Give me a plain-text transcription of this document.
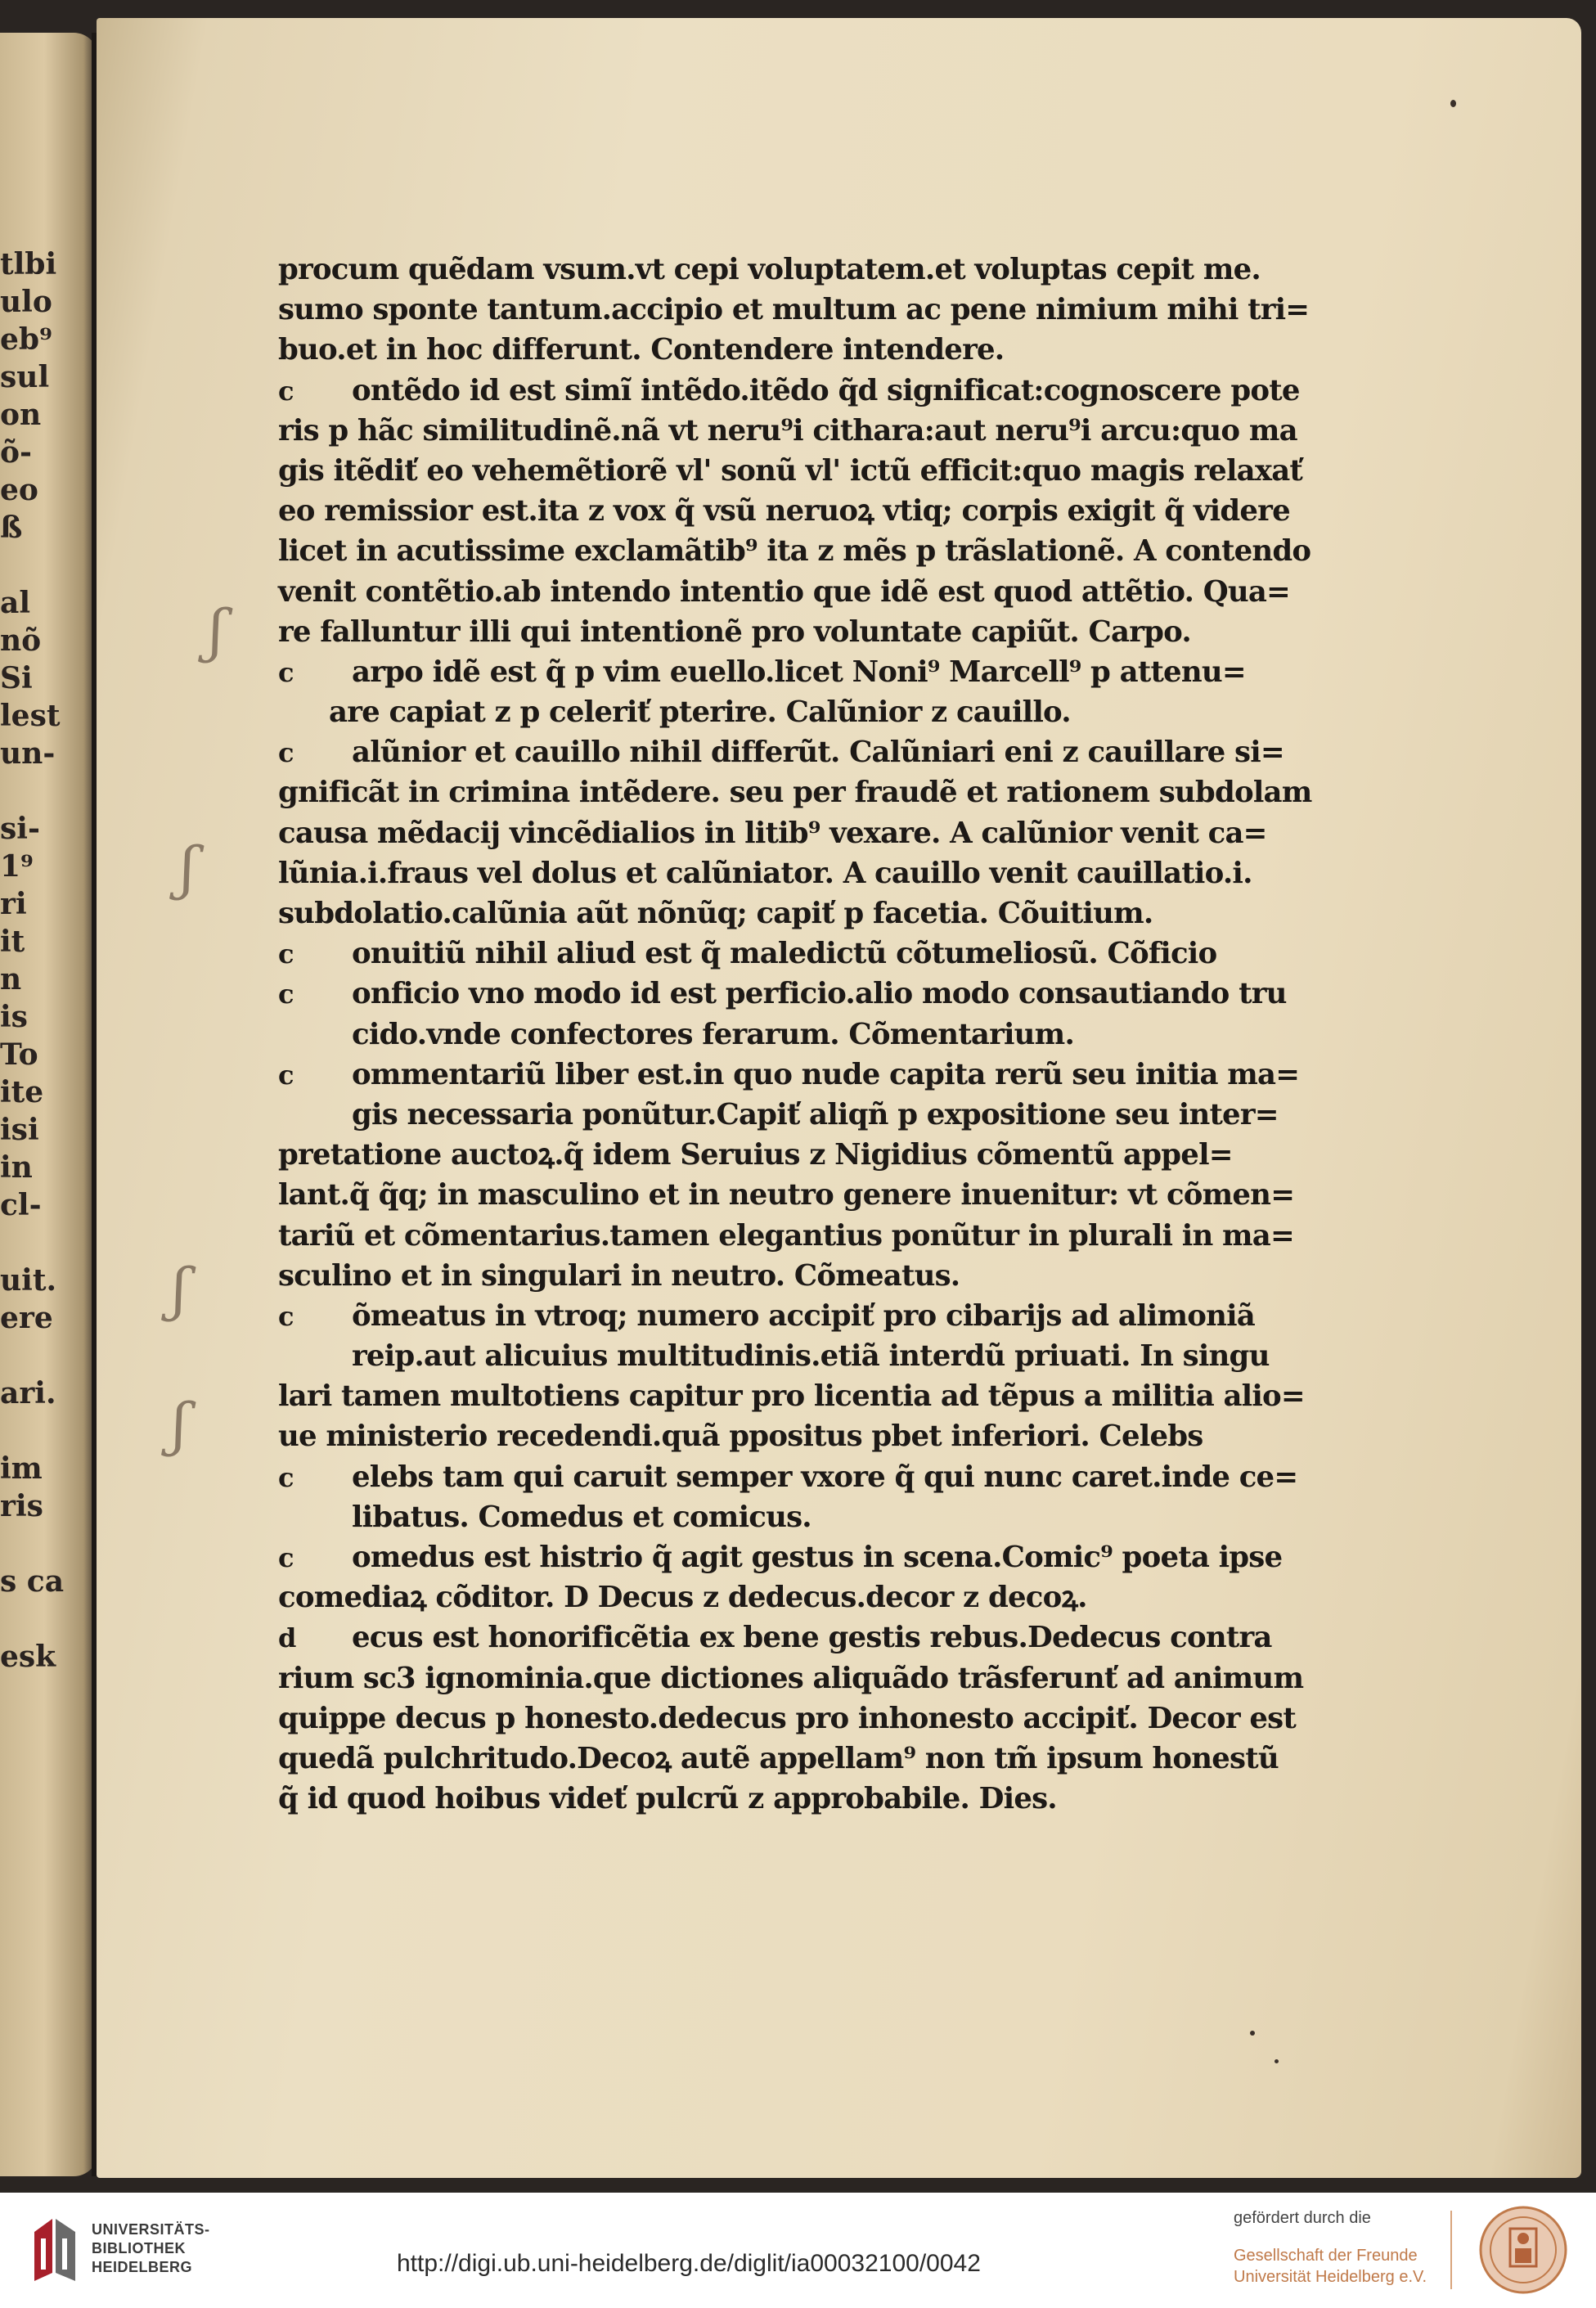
tlbi
ulo
eb⁹
sul
on
õ-
eo
ß

al
nõ
Si
lest
un-

si-
1⁹
ri
it
n
is
To
ite
isi
in
cl-

uit.
ere

ari.

im
ris

s ca

esk
ʃ
ʃ
ʃ
ʃ
procum quẽdam vsum.vt cepi voluptatem.et voluptas cepit me.
sumo sponte tantum.accipio et multum ac pene nimium mihi tri=
buo.et in hoc differunt. Contendere intendere.
c ontẽdo id est simĩ intẽdo.itẽdo q̃d significat:cognoscere pote
ris p hãc similitudinẽ.nã vt neru⁹i cithara:aut neru⁹i arcu:quo ma
gis itẽdiť eo vehemẽtiorẽ vl' sonũ vl' ictũ efficit:quo magis relaxať
eo remissior est.ita z vox q̃ vsũ neruoꝝ vtiq; corpis exigit q̃ videre
licet in acutissime exclamãtib⁹ ita z mẽs p trãslationẽ. A contendo
venit contẽtio.ab intendo intentio que idẽ est quod attẽtio. Qua=
re falluntur illi qui intentionẽ pro voluntate capiũt. Carpo.
c arpo idẽ est q̃ p vim euello.licet Noni⁹ Marcell⁹ p attenu=
are capiat z p celeriť pterire. Calũnior z cauillo.
c alũnior et cauillo nihil differũt. Calũniari eni z cauillare si=
gnificãt in crimina intẽdere. seu per fraudẽ et rationem subdolam
causa mẽdacij vincẽdialios in litib⁹ vexare. A calũnior venit ca=
lũnia.i.fraus vel dolus et calũniator. A cauillo venit cauillatio.i.
subdolatio.calũnia aũt nõnũq; capiť p facetia. Cõuitium.
c onuitiũ nihil aliud est q̃ maledictũ cõtumeliosũ. Cõficio
c onficio vno modo id est perficio.alio modo consautiando tru
cido.vnde confectores ferarum. Cõmentarium.
c ommentariũ liber est.in quo nude capita rerũ seu initia ma=
gis necessaria ponũtur.Capiť aliqñ p expositione seu inter=
pretatione auctoꝝ.q̃ idem Seruius z Nigidius cõmentũ appel=
lant.q̃ q̃q; in masculino et in neutro genere inuenitur: vt cõmen=
tariũ et cõmentarius.tamen elegantius ponũtur in plurali in ma=
sculino et in singulari in neutro. Cõmeatus.
c õmeatus in vtroq; numero accipiť pro cibarijs ad alimoniã
reip.aut alicuius multitudinis.etiã interdũ priuati. In singu
lari tamen multotiens capitur pro licentia ad tẽpus a militia alio=
ue ministerio recedendi.quã ppositus pbet inferiori. Celebs
c elebs tam qui caruit semper vxore q̃ qui nunc caret.inde ce=
libatus. Comedus et comicus.
c omedus est histrio q̃ agit gestus in scena.Comic⁹ poeta ipse
comediaꝝ cõditor. D Decus z dedecus.decor z decoꝝ.
d ecus est honorificẽtia ex bene gestis rebus.Dedecus contra
rium sc3 ignominia.que dictiones aliquãdo trãsferunť ad animum
quippe decus p honesto.dedecus pro inhonesto accipiť. Decor est
quedã pulchritudo.Decoꝝ autẽ appellam⁹ non tm̃ ipsum honestũ
q̃ id quod hoibus videť pulcrũ z approbabile. Dies.
UNIVERSITÄTS-
BIBLIOTHEK
HEIDELBERG	http://digi.ub.uni-heidelberg.de/diglit/ia00032100/0042
gefördert durch die
Gesellschaft der Freunde
Universität Heidelberg e.V.
